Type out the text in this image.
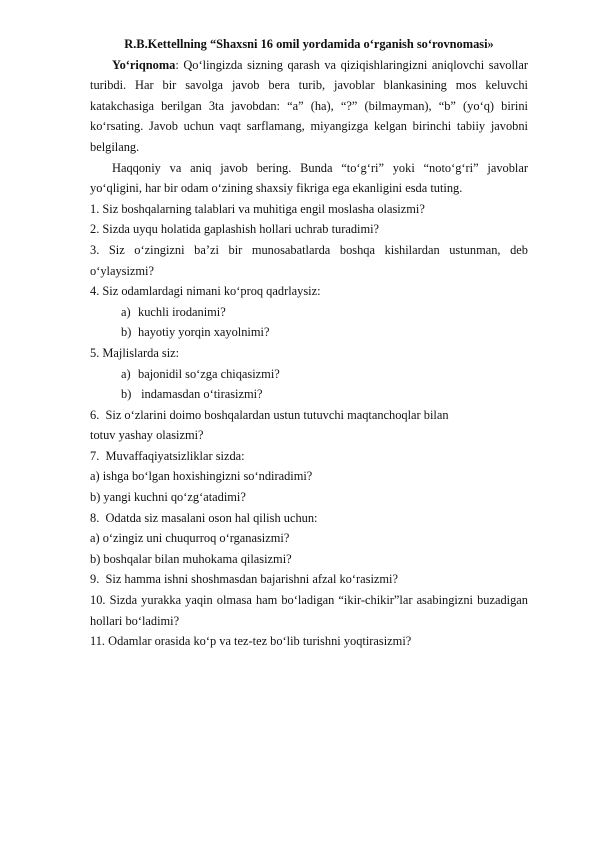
R.B.Kettellning “Shaxsni 16 omil yordamida o‘rganish so‘rovnomasi»

Yo‘riqnoma: Qo‘lingizda sizning qarash va qiziqishlaringizni aniqlovchi savollar turibdi. Har bir savolga javob bera turib, javoblar blankasining mos keluvchi katakchasiga berilgan 3ta javobdan: “a” (ha), “?” (bilmayman), “b” (yo‘q) birini ko‘rsating. Javob uchun vaqt sarflamang, miyangizga kelgan birinchi tabiiy javobni belgilang.

Haqqoniy va aniq javob bering. Bunda “to‘g‘ri” yoki “noto‘g‘ri” javoblar yo‘qligini, har bir odam o‘zining shaxsiy fikriga ega ekanligini esda tuting.

1. Siz boshqalarning talablari va muhitiga engil moslasha olasizmi?

2. Sizda uyqu holatida gaplashish hollari uchrab turadimi?

3. Siz o‘zingizni ba’zi bir munosabatlarda boshqa kishilardan ustunman, deb o‘ylaysizmi?

4. Siz odamlardagi nimani ko‘proq qadrlaysiz:

a) kuchli irodanimi?

b) hayotiy yorqin xayolnimi?

5. Majlislarda siz:

a) bajonidil so‘zga chiqasizmi?

b) indamasdan o‘tirasizmi?

6.  Siz o‘zlarini doimo boshqalardan ustun tutuvchi maqtanchoqlar bilan

totuv yashay olasizmi?

7.  Muvaffaqiyatsizliklar sizda:

a) ishga bo‘lgan hoxishingizni so‘ndiradimi?

b) yangi kuchni qo‘zg‘atadimi?

8.  Odatda siz masalani oson hal qilish uchun:

a) o‘zingiz uni chuqurroq o‘rganasizmi?

b) boshqalar bilan muhokama qilasizmi?

9.  Siz hamma ishni shoshmasdan bajarishni afzal ko‘rasizmi?

10. Sizda yurakka yaqin olmasa ham bo‘ladigan “ikir-chikir”lar asabingizni buzadigan hollari bo‘ladimi?

11. Odamlar orasida ko‘p va tez-tez bo‘lib turishni yoqtirasizmi?
